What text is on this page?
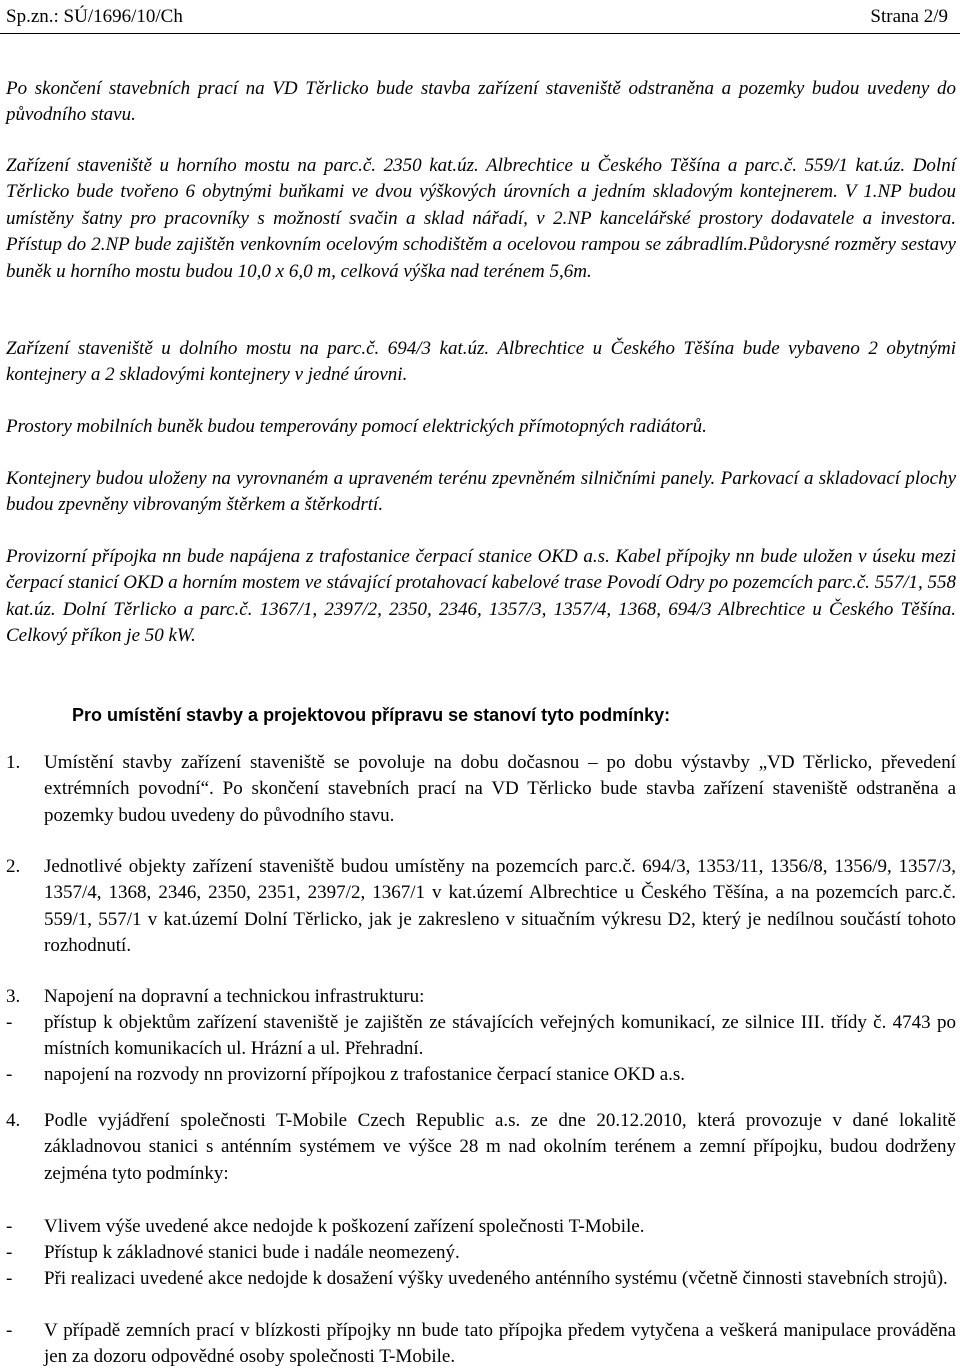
Sp.zn.: SÚ/1696/10/Ch	Strana 2/9

Po skončení stavebních prací na VD Těrlicko bude stavba zařízení staveniště odstraněna a pozemky budou uvedeny do původního stavu.

Zařízení staveniště u horního mostu na parc.č. 2350 kat.úz. Albrechtice u Českého Těšína a parc.č. 559/1 kat.úz. Dolní Těrlicko bude tvořeno 6 obytnými buňkami ve dvou výškových úrovních a jedním skladovým kontejnerem. V 1.NP budou umístěny šatny pro pracovníky s možností svačin a sklad nářadí, v 2.NP kancelářské prostory dodavatele a investora. Přístup do 2.NP bude zajištěn venkovním ocelovým schodištěm a ocelovou rampou se zábradlím.Půdorysné rozměry sestavy buněk u horního mostu budou 10,0 x 6,0 m, celková výška nad terénem 5,6m.

Zařízení staveniště u dolního mostu na parc.č. 694/3 kat.úz. Albrechtice u Českého Těšína bude vybaveno 2 obytnými kontejnery a 2 skladovými kontejnery v jedné úrovni.

Prostory mobilních buněk budou temperovány pomocí elektrických přímotopných radiátorů.

Kontejnery budou uloženy na vyrovnaném a upraveném terénu zpevněném silničními panely. Parkovací a skladovací plochy budou zpevněny vibrovaným štěrkem a štěrkodrtí.

Provizorní přípojka nn bude napájena z trafostanice čerpací stanice OKD a.s. Kabel přípojky nn bude uložen v úseku mezi čerpací stanicí OKD a horním mostem ve stávající protahovací kabelové trase Povodí Odry po pozemcích parc.č. 557/1, 558 kat.úz. Dolní Těrlicko a parc.č. 1367/1, 2397/2, 2350, 2346, 1357/3, 1357/4, 1368, 694/3 Albrechtice u Českého Těšína. Celkový příkon je 50 kW.

Pro umístění stavby a projektovou přípravu se stanoví tyto podmínky:

1.	Umístění stavby zařízení staveniště se povoluje na dobu dočasnou – po dobu výstavby „VD Těrlicko, převedení extrémních povodní“. Po skončení stavebních prací na VD Těrlicko bude stavba zařízení staveniště odstraněna a pozemky budou uvedeny do původního stavu.

2.	Jednotlivé objekty zařízení staveniště budou umístěny na pozemcích parc.č. 694/3, 1353/11, 1356/8, 1356/9, 1357/3, 1357/4, 1368, 2346, 2350, 2351, 2397/2, 1367/1 v kat.území Albrechtice u Českého Těšína, a na pozemcích parc.č. 559/1, 557/1 v kat.území Dolní Těrlicko, jak je zakresleno v situačním výkresu D2, který je nedílnou součástí tohoto rozhodnutí.

3.	Napojení na dopravní a technickou infrastrukturu:

-	přístup k objektům zařízení staveniště je zajištěn ze stávajících veřejných komunikací, ze silnice III. třídy č. 4743 po místních komunikacích ul. Hrázní a ul. Přehradní.

-	napojení na rozvody nn provizorní přípojkou z trafostanice čerpací stanice OKD a.s.

4.	Podle vyjádření společnosti T-Mobile Czech Republic a.s. ze dne 20.12.2010, která provozuje v dané lokalitě základnovou stanici s anténním systémem ve výšce 28 m nad okolním terénem a zemní přípojku, budou dodrženy zejména tyto podmínky:

-	Vlivem výše uvedené akce nedojde k poškození zařízení společnosti T-Mobile.

-	Přístup k základnové stanici bude i nadále neomezený.

-	Při realizaci uvedené akce nedojde k dosažení výšky uvedeného anténního systému (včetně činnosti stavebních strojů).

-	V případě zemních prací v blízkosti přípojky nn bude tato přípojka předem vytyčena a veškerá manipulace prováděna jen za dozoru odpovědné osoby společnosti T-Mobile.
